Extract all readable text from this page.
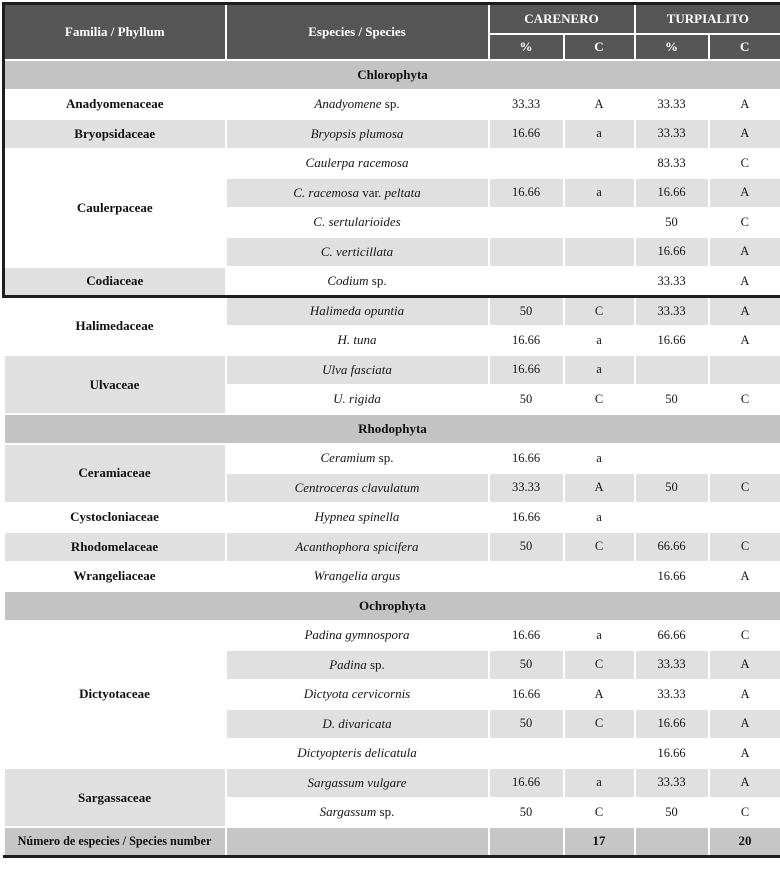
Familia / Phyllum	Especies / Species	CARENERO		TURPIALITO	
		%	C	%	C
Chlorophyta					
Anadyomenaceae	Anadyomene sp.	33.33	A	33.33	A
Bryopsidaceae	Bryopsis plumosa	16.66	a	33.33	A
Caulerpaceae	Caulerpa racemosa			83.33	C
	C. racemosa var. peltata	16.66	a	16.66	A
	C. sertularioides			50	C
	C. verticillata			16.66	A
Codiaceae	Codium sp.			33.33	A
Halimedaceae	Halimeda opuntia	50	C	33.33	A
	H. tuna	16.66	a	16.66	A
Ulvaceae	Ulva fasciata	16.66	a		
	U. rigida	50	C	50	C
Rhodophyta					
Ceramiaceae	Ceramium sp.	16.66	a		
	Centroceras clavulatum	33.33	A	50	C
Cystocloniaceae	Hypnea spinella	16.66	a		
Rhodomelaceae	Acanthophora spicifera	50	C	66.66	C
Wrangeliaceae	Wrangelia argus			16.66	A
Ochrophyta					
Dictyotaceae	Padina gymnospora	16.66	a	66.66	C
	Padina sp.	50	C	33.33	A
	Dictyota cervicornis	16.66	A	33.33	A
	D. divaricata	50	C	16.66	A
	Dictyopteris delicatula			16.66	A
Sargassaceae	Sargassum vulgare	16.66	a	33.33	A
	Sargassum sp.	50	C	50	C
Número de especies / Species number			17		20
